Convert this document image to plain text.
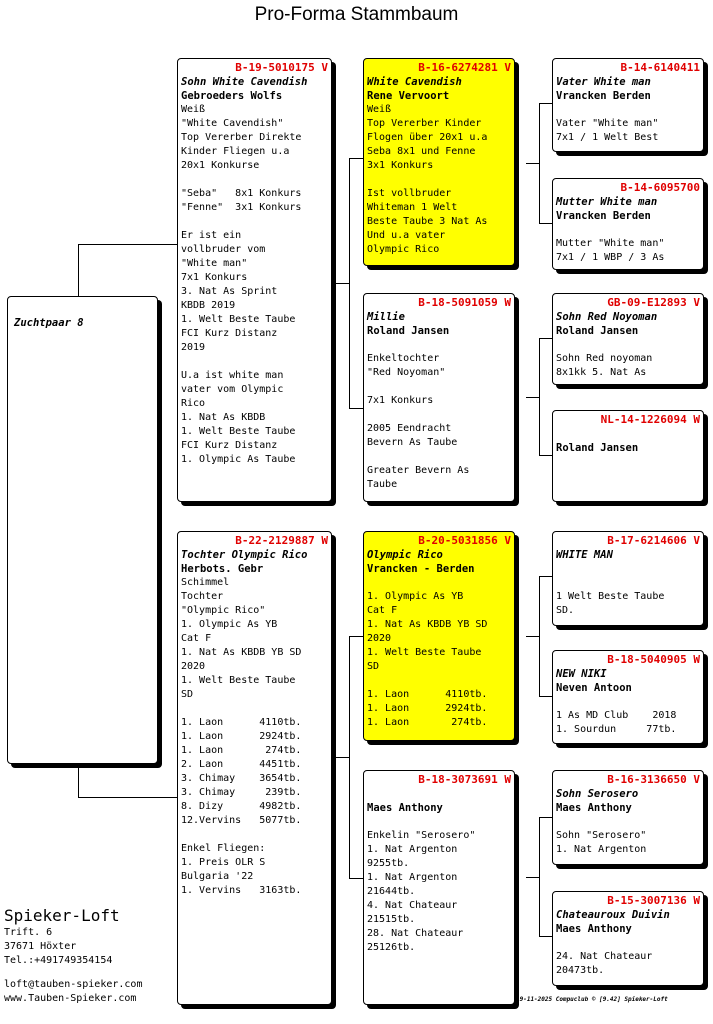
Pro-Forma Stammbaum
Zuchtpaar 8
B-19-5010175 V
Sohn White Cavendish
Gebroeders Wolfs
Weiß
"White Cavendish"
Top Vererber Direkte
Kinder Fliegen u.a
20x1 Konkurse

"Seba"   8x1 Konkurs
"Fenne"  3x1 Konkurs

Er ist ein
vollbruder vom
"White man"
7x1 Konkurs
3. Nat As Sprint
KBDB 2019
1. Welt Beste Taube
FCI Kurz Distanz
2019

U.a ist white man
vater vom Olympic
Rico
1. Nat As KBDB
1. Welt Beste Taube
FCI Kurz Distanz
1. Olympic As Taube
B-22-2129887 W
Tochter Olympic Rico
Herbots. Gebr
Schimmel
Tochter
"Olympic Rico"
1. Olympic As YB
Cat F
1. Nat As KBDB YB SD
2020
1. Welt Beste Taube
SD

1. Laon      4110tb.
1. Laon      2924tb.
1. Laon       274tb.
2. Laon      4451tb.
3. Chimay    3654tb.
3. Chimay     239tb.
8. Dizy      4982tb.
12.Vervins   5077tb.

Enkel Fliegen:
1. Preis OLR S
Bulgaria '22
1. Vervins   3163tb.
B-16-6274281 V
White Cavendish
Rene Vervoort
Weiß
Top Vererber Kinder
Flogen über 20x1 u.a
Seba 8x1 und Fenne
3x1 Konkurs

Ist vollbruder
Whiteman 1 Welt
Beste Taube 3 Nat As
Und u.a vater
Olympic Rico
B-18-5091059 W
Millie
Roland Jansen

Enkeltochter
"Red Noyoman"

7x1 Konkurs

2005 Eendracht
Bevern As Taube

Greater Bevern As
Taube
B-20-5031856 V
Olympic Rico
Vrancken - Berden

1. Olympic As YB
Cat F
1. Nat As KBDB YB SD
2020
1. Welt Beste Taube
SD

1. Laon      4110tb.
1. Laon      2924tb.
1. Laon       274tb.
B-18-3073691 W

Maes Anthony

Enkelin "Serosero"
1. Nat Argenton
9255tb.
1. Nat Argenton
21644tb.
4. Nat Chateaur
21515tb.
28. Nat Chateaur
25126tb.
B-14-6140411
Vater White man
Vrancken Berden

Vater "White man"
7x1 / 1 Welt Best
B-14-6095700
Mutter White man
Vrancken Berden

Mutter "White man"
7x1 / 1 WBP / 3 As
GB-09-E12893 V
Sohn Red Noyoman
Roland Jansen

Sohn Red noyoman
8x1kk 5. Nat As
NL-14-1226094 W

Roland Jansen
B-17-6214606 V
WHITE MAN

1 Welt Beste Taube
SD.
B-18-5040905 W
NEW NIKI
Neven Antoon

1 As MD Club    2018
1. Sourdun     77tb.
B-16-3136650 V
Sohn Serosero
Maes Anthony

Sohn "Serosero"
1. Nat Argenton
B-15-3007136 W
Chateauroux Duivin
Maes Anthony

24. Nat Chateaur
20473tb.
Spieker-Loft
Trift. 6
37671 Höxter
Tel.:+491749354154
loft@tauben-spieker.com
www.Tauben-Spieker.com	19-11-2025 Compuclub © [9.42] Spieker-Loft
